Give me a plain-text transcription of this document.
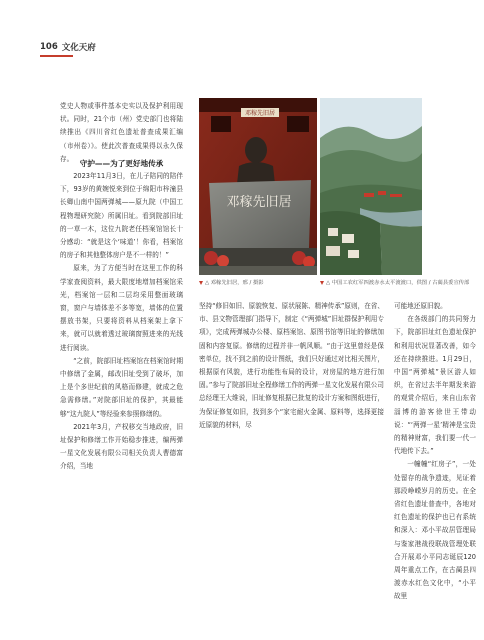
106 文化天府

党史人物或事件基本史实以及保护利用现状。同时，21个市（州）党史部门也将陆续推出《四川省红色遗址普查成果汇编（市州卷）》。使此次普查成果得以永久保存。

守护——为了更好地传承

2023年11月3日，在儿子陪同的陪伴下，93岁的黄婉悦来到位于绵阳市梓潼县长卿山南中国两弹城——原九院（中国工程物理研究院）所属旧址。看到院部旧址的一草一木，这位九院老任档案馆馆长十分感动：“就是这个‘味道’！你看，档案馆的房子和其他整体房户是不一样的！”

原来，为了方便当时在这里工作的科学家查阅资料，最大限度地增加档案馆采光，档案馆一层和二层均采用整面玻璃窗，窗户与墙体差不多等宽，墙体的位置摆放书架，只要将资料从档案架上拿下来，就可以就着透过玻璃窗照进来的光线进行阅读。

“之前，院部旧址档案馆在档案馆时期中修缮了金属，邮改旧址受到了破坏，加上是个多世纪前的风格而修建，就成之危急需修缮。”对院部旧址的保护，其最能够“这九院人”等经验来参照修缮的。

2021年3月，产权移交当地政府，旧址保护和修缮工作开始稳步推进，编两弹一星文化发展有限公司相关负责人曹德富介绍，当地

邓稼先旧居
邓稼先旧居
△ 邓稼先旧居，邢 / 摄影	△ 中国工农红军四渡赤水太平渡渡口，供图 / 古蔺县委宣传部

坚持“修旧如旧、原貌恢复、原状展陈、精神传承”原则，在省、市、县文物管理部门指导下，制定《“两弹城”旧址群保护利用专项》，完成两弹城办公楼、原档案馆、原图书馆等旧址的修缮加固和内容复原。修缮的过程并非一帆风顺。“由于这里曾经是保密单位，找不到之前的设计图纸，我们只好通过对比相关图片，根据原有风貌，进行功能性布局的设计，对房屋的地方进行加固。”参与了院部旧址全程修缮工作的两弹一星文化发展有限公司总经理王大维说，旧址修复根据已批复的设计方案和图纸进行，为保证修复如旧，找到多个“家宅耐火金属、原料等，选择更接近原貌的材料，尽

可能地还原旧貌。

在各级部门的共同努力下，院部旧址红色遗址保护和利用状况显著改善，如今还在持续推进。1月29日，中国“两弹城”景区游人如织，在省过去半年期发来游的观赏介绍后，来自山东省淄博的游客徐世王带动说：“‘两弹一星’精神是宝贵的精神财富，我们要一代一代地传下去。”

一幢幢“红房子”，一处处留存的战争遗迹，见证着那段峥嵘岁月的历史。在全省红色遗址普查中，各地对红色遗址的保护也已有系统和深入：邓小平故居管理局与鉴家港战役联战管理处联合开展邓小平同志诞辰120周年重点工作，在古蔺县四渡赤水红色文化中，“小平故里
